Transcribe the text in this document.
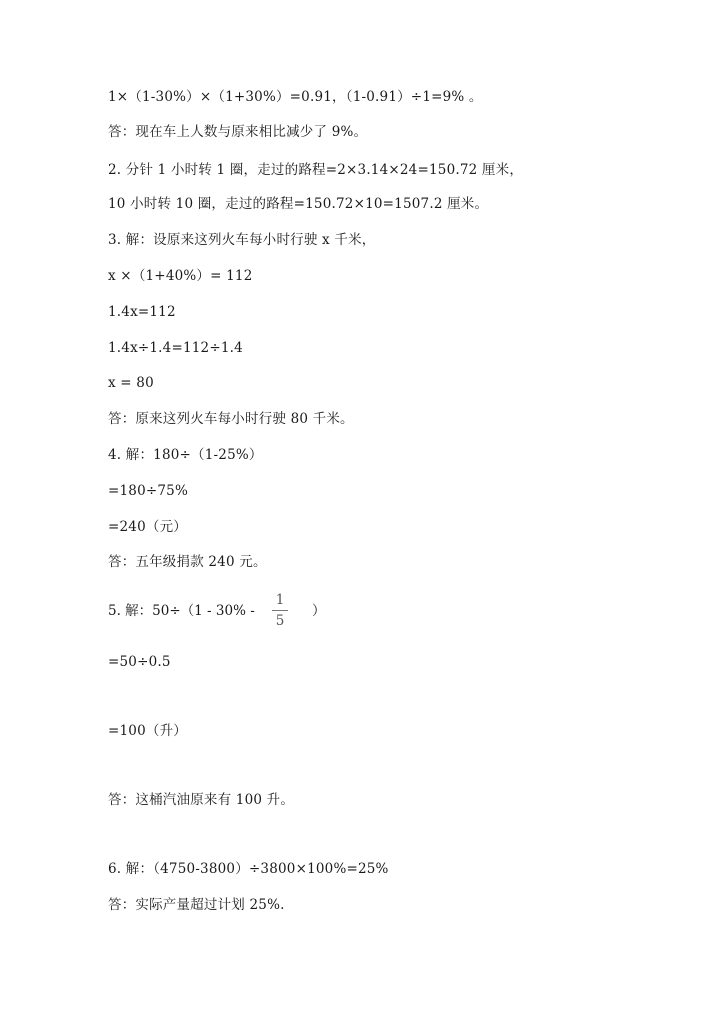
1×（1-30%）×（1+30%）=0.91，（1-0.91）÷1=9% 。
答：现在车上人数与原来相比减少了 9%。
2. 分针 1 小时转 1 圈，走过的路程=2×3.14×24=150.72 厘米，
10 小时转 10 圈，走过的路程=150.72×10=1507.2 厘米。
3. 解：设原来这列火车每小时行驶 x 千米，
x ×（1+40%）= 112
1.4x=112
1.4x÷1.4=112÷1.4
x = 80
答：原来这列火车每小时行驶 80 千米。
4. 解：180÷（1-25%）
=180÷75%
=240（元）
答：五年级捐款 240 元。
5. 解：50÷（1 - 30% -
1
5
）
=50÷0.5
=100（升）
答：这桶汽油原来有 100 升。
6. 解：（4750-3800）÷3800×100%=25%
答：实际产量超过计划 25%.
